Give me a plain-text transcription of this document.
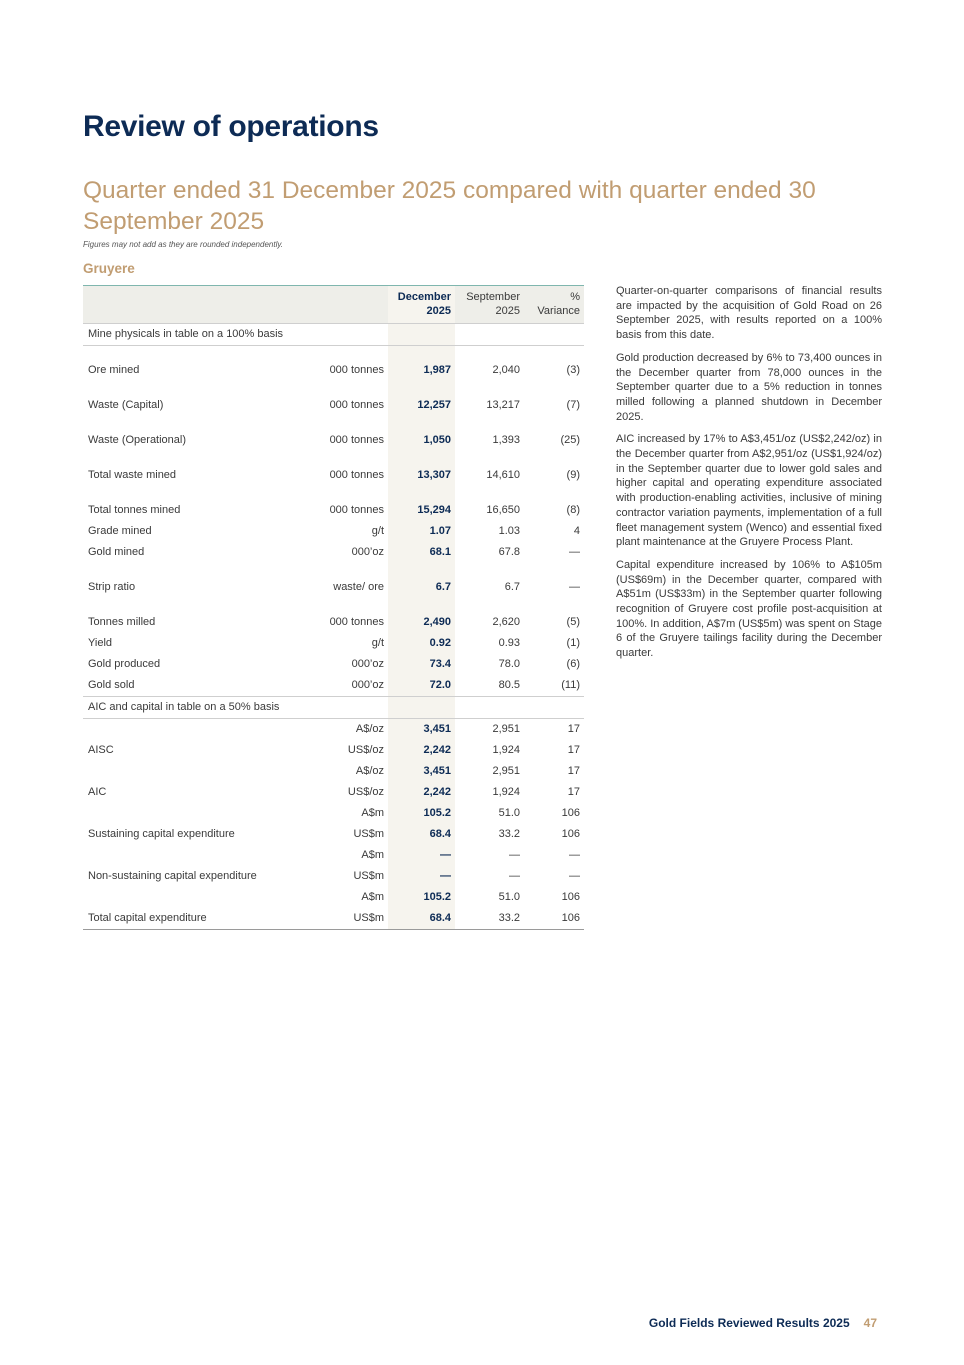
Review of operations
Quarter ended 31 December 2025 compared with quarter ended 30 September 2025
Figures may not add as they are rounded independently.
Gruyere
		December 2025	September 2025	% Variance
Mine physicals in table on a 100% basis				
Ore mined	000 tonnes	1,987	2,040	(3)
Waste (Capital)	000 tonnes	12,257	13,217	(7)
Waste (Operational)	000 tonnes	1,050	1,393	(25)
Total waste mined	000 tonnes	13,307	14,610	(9)
Total tonnes mined	000 tonnes	15,294	16,650	(8)
Grade mined	g/t	1.07	1.03	4
Gold mined	000’oz	68.1	67.8	—
Strip ratio	waste/ ore	6.7	6.7	—
Tonnes milled	000 tonnes	2,490	2,620	(5)
Yield	g/t	0.92	0.93	(1)
Gold produced	000’oz	73.4	78.0	(6)
Gold sold	000’oz	72.0	80.5	(11)
AIC and capital in table on a 50% basis				
	A$/oz	3,451	2,951	17
AISC	US$/oz	2,242	1,924	17
	A$/oz	3,451	2,951	17
AIC	US$/oz	2,242	1,924	17
	A$m	105.2	51.0	106
Sustaining capital expenditure	US$m	68.4	33.2	106
	A$m	—	—	—
Non-sustaining capital expenditure	US$m	—	—	—
	A$m	105.2	51.0	106
Total capital expenditure	US$m	68.4	33.2	106

Quarter-on-quarter comparisons of financial results are impacted by the acquisition of Gold Road on 26 September 2025, with results reported on a 100% basis from this date.

Gold production decreased by 6% to 73,400 ounces in the December quarter from 78,000 ounces in the September quarter due to a 5% reduction in tonnes milled following a planned shutdown in December 2025.

AIC increased by 17% to A$3,451/oz (US$2,242/oz) in the December quarter from A$2,951/oz (US$1,924/oz) in the September quarter due to lower gold sales and higher capital and operating expenditure associated with production-enabling activities, inclusive of mining contractor variation payments, implementation of a full fleet management system (Wenco) and essential fixed plant maintenance at the Gruyere Process Plant.

Capital expenditure increased by 106% to A$105m (US$69m) in the December quarter, compared with A$51m (US$33m) in the September quarter following recognition of Gruyere cost profile post-acquisition at 100%. In addition, A$7m (US$5m) was spent on Stage 6 of the Gruyere tailings facility during the December quarter.

Gold Fields Reviewed Results 2025 47
